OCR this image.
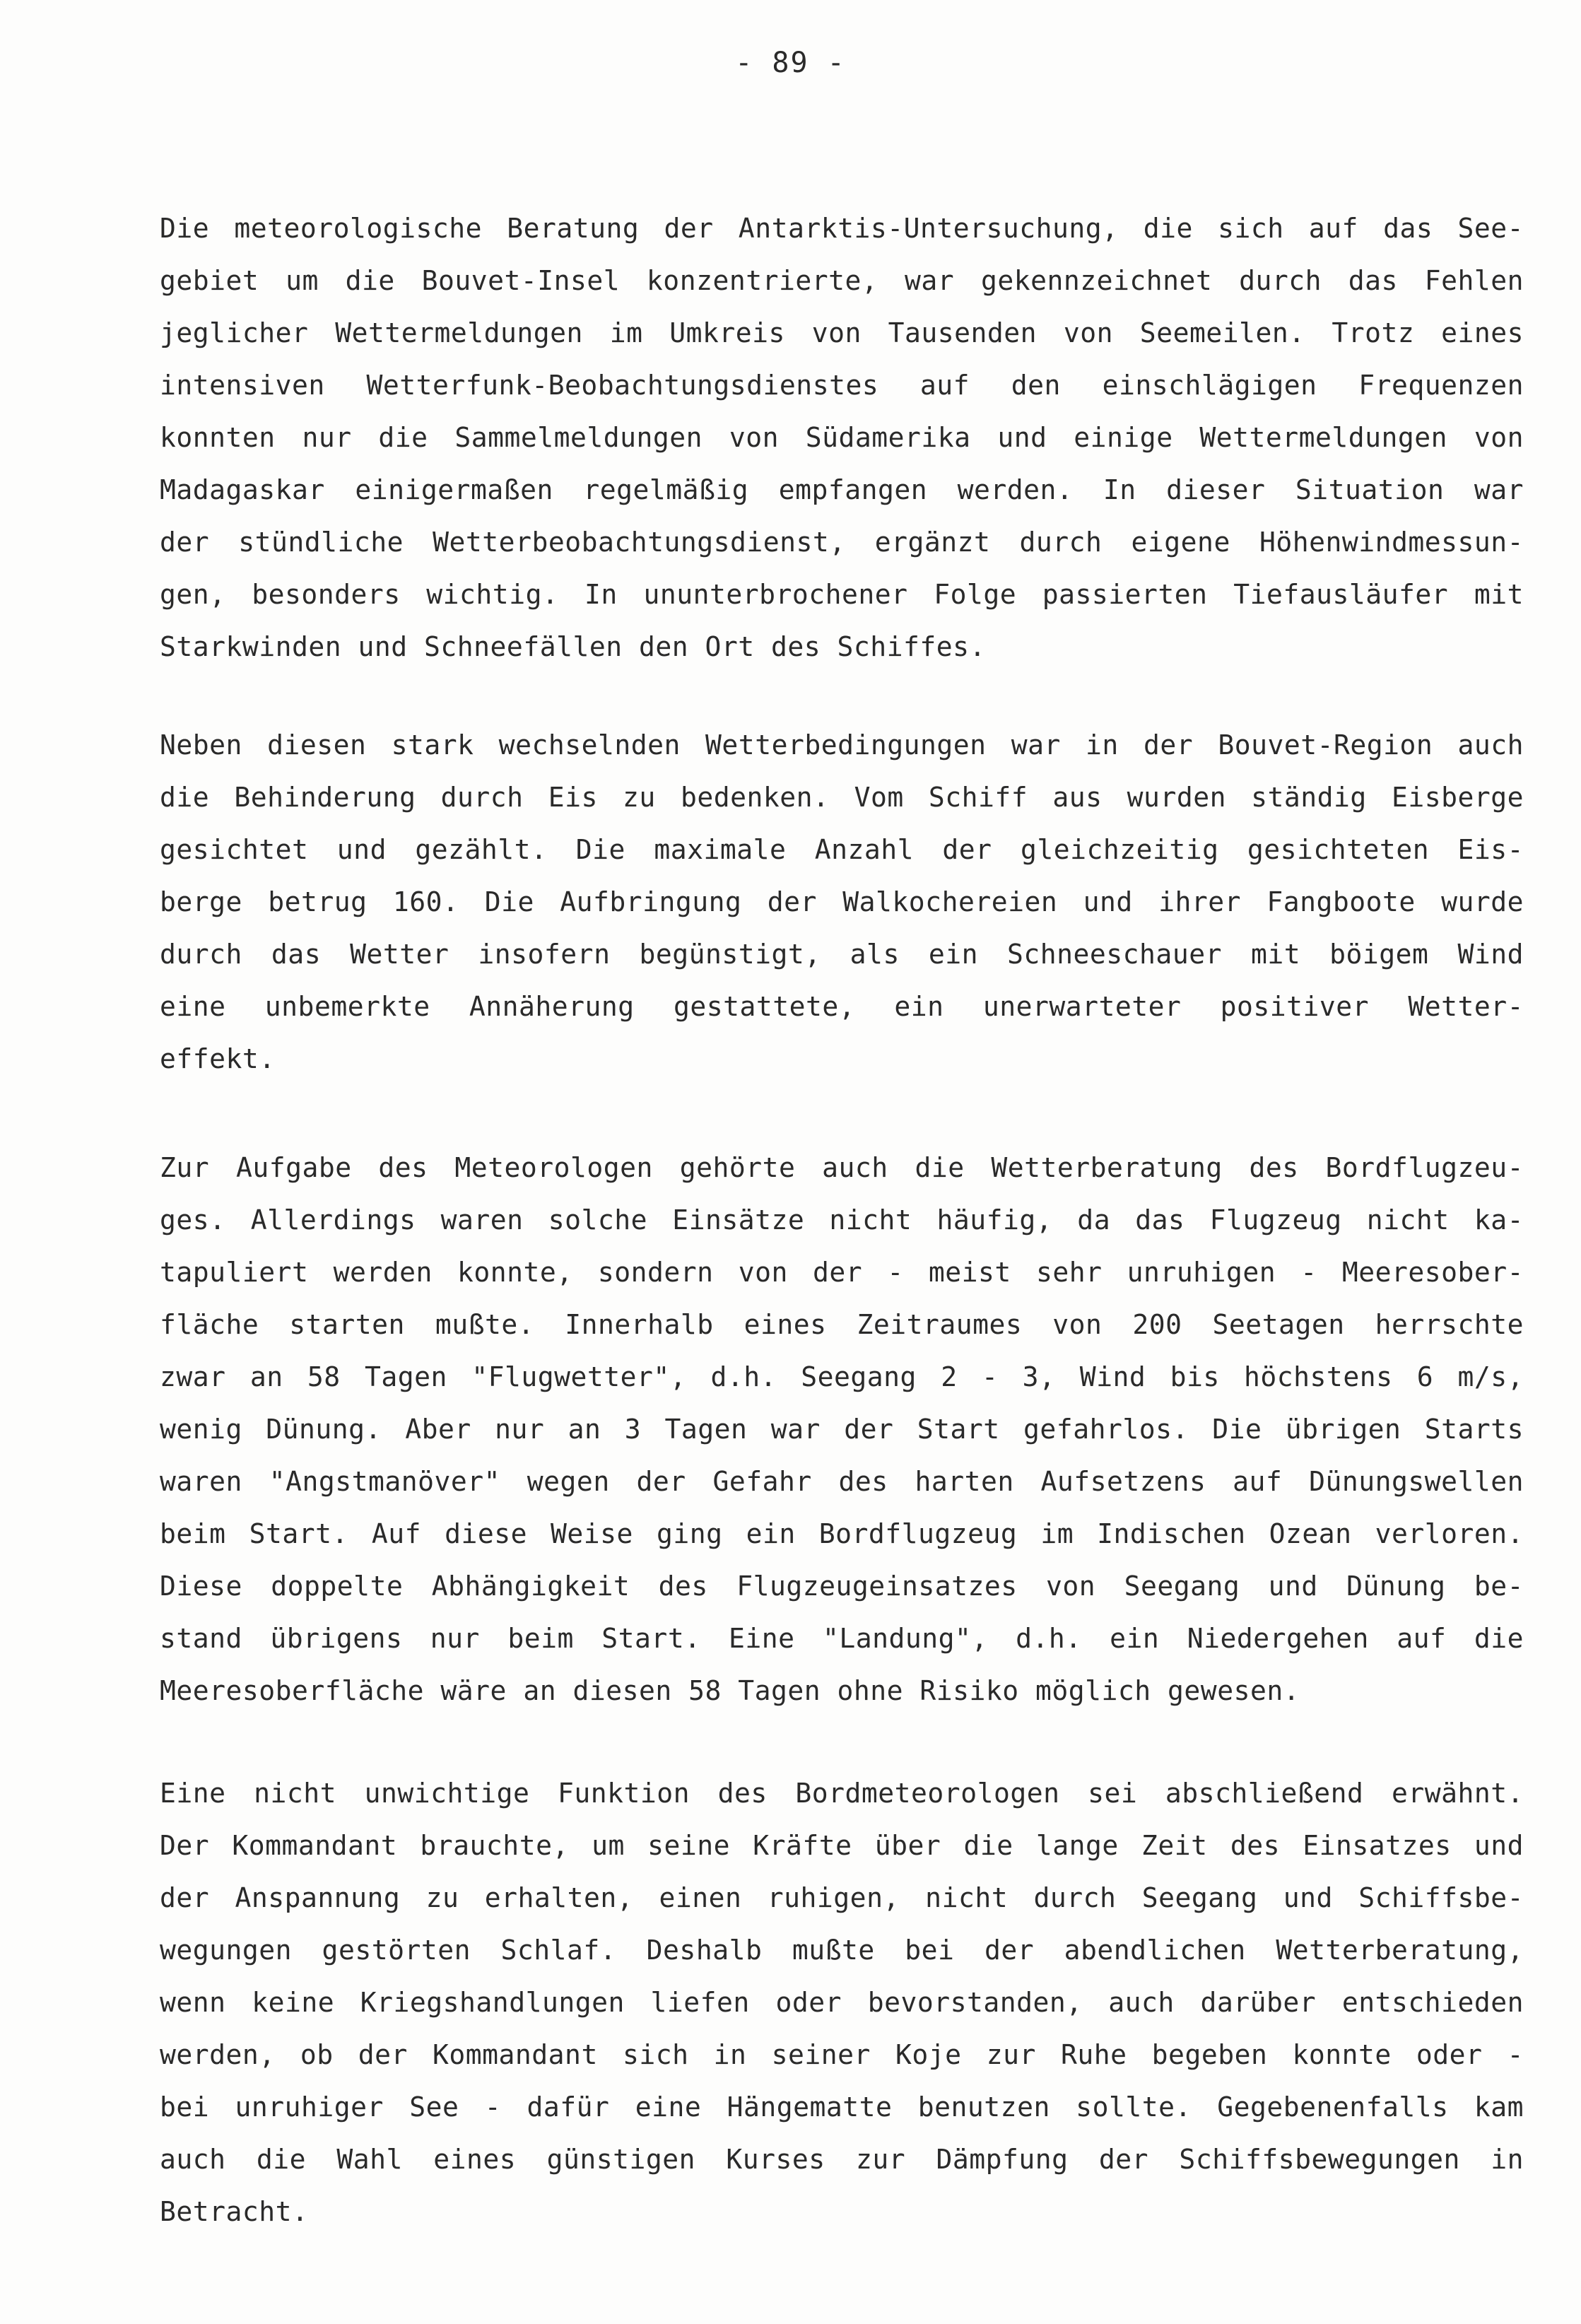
- 89 -
Die meteorologische Beratung der Antarktis-Untersuchung, die sich auf das See-
gebiet um die Bouvet-Insel konzentrierte, war gekennzeichnet durch das Fehlen
jeglicher Wettermeldungen im Umkreis von Tausenden von Seemeilen. Trotz eines
intensiven Wetterfunk-Beobachtungsdienstes auf den einschlägigen Frequenzen
konnten nur die Sammelmeldungen von Südamerika und einige Wettermeldungen von
Madagaskar einigermaßen regelmäßig empfangen werden. In dieser Situation war
der stündliche Wetterbeobachtungsdienst, ergänzt durch eigene Höhenwindmessun-
gen, besonders wichtig. In ununterbrochener Folge passierten Tiefausläufer mit
Starkwinden und Schneefällen den Ort des Schiffes.
Neben diesen stark wechselnden Wetterbedingungen war in der Bouvet-Region auch
die Behinderung durch Eis zu bedenken. Vom Schiff aus wurden ständig Eisberge
gesichtet und gezählt. Die maximale Anzahl der gleichzeitig gesichteten Eis-
berge betrug 160. Die Aufbringung der Walkochereien und ihrer Fangboote wurde
durch das Wetter insofern begünstigt, als ein Schneeschauer mit böigem Wind
eine unbemerkte Annäherung gestattete, ein unerwarteter positiver Wetter-
effekt.
Zur Aufgabe des Meteorologen gehörte auch die Wetterberatung des Bordflugzeu-
ges. Allerdings waren solche Einsätze nicht häufig, da das Flugzeug nicht ka-
tapuliert werden konnte, sondern von der - meist sehr unruhigen - Meeresober-
fläche starten mußte. Innerhalb eines Zeitraumes von 200 Seetagen herrschte
zwar an 58 Tagen "Flugwetter", d.h. Seegang 2 - 3, Wind bis höchstens 6 m/s,
wenig Dünung. Aber nur an 3 Tagen war der Start gefahrlos. Die übrigen Starts
waren "Angstmanöver" wegen der Gefahr des harten Aufsetzens auf Dünungswellen
beim Start. Auf diese Weise ging ein Bordflugzeug im Indischen Ozean verloren.
Diese doppelte Abhängigkeit des Flugzeugeinsatzes von Seegang und Dünung be-
stand übrigens nur beim Start. Eine "Landung", d.h. ein Niedergehen auf die
Meeresoberfläche wäre an diesen 58 Tagen ohne Risiko möglich gewesen.
Eine nicht unwichtige Funktion des Bordmeteorologen sei abschließend erwähnt.
Der Kommandant brauchte, um seine Kräfte über die lange Zeit des Einsatzes und
der Anspannung zu erhalten, einen ruhigen, nicht durch Seegang und Schiffsbe-
wegungen gestörten Schlaf. Deshalb mußte bei der abendlichen Wetterberatung,
wenn keine Kriegshandlungen liefen oder bevorstanden, auch darüber entschieden
werden, ob der Kommandant sich in seiner Koje zur Ruhe begeben konnte oder -
bei unruhiger See - dafür eine Hängematte benutzen sollte. Gegebenenfalls kam
auch die Wahl eines günstigen Kurses zur Dämpfung der Schiffsbewegungen in
Betracht.
